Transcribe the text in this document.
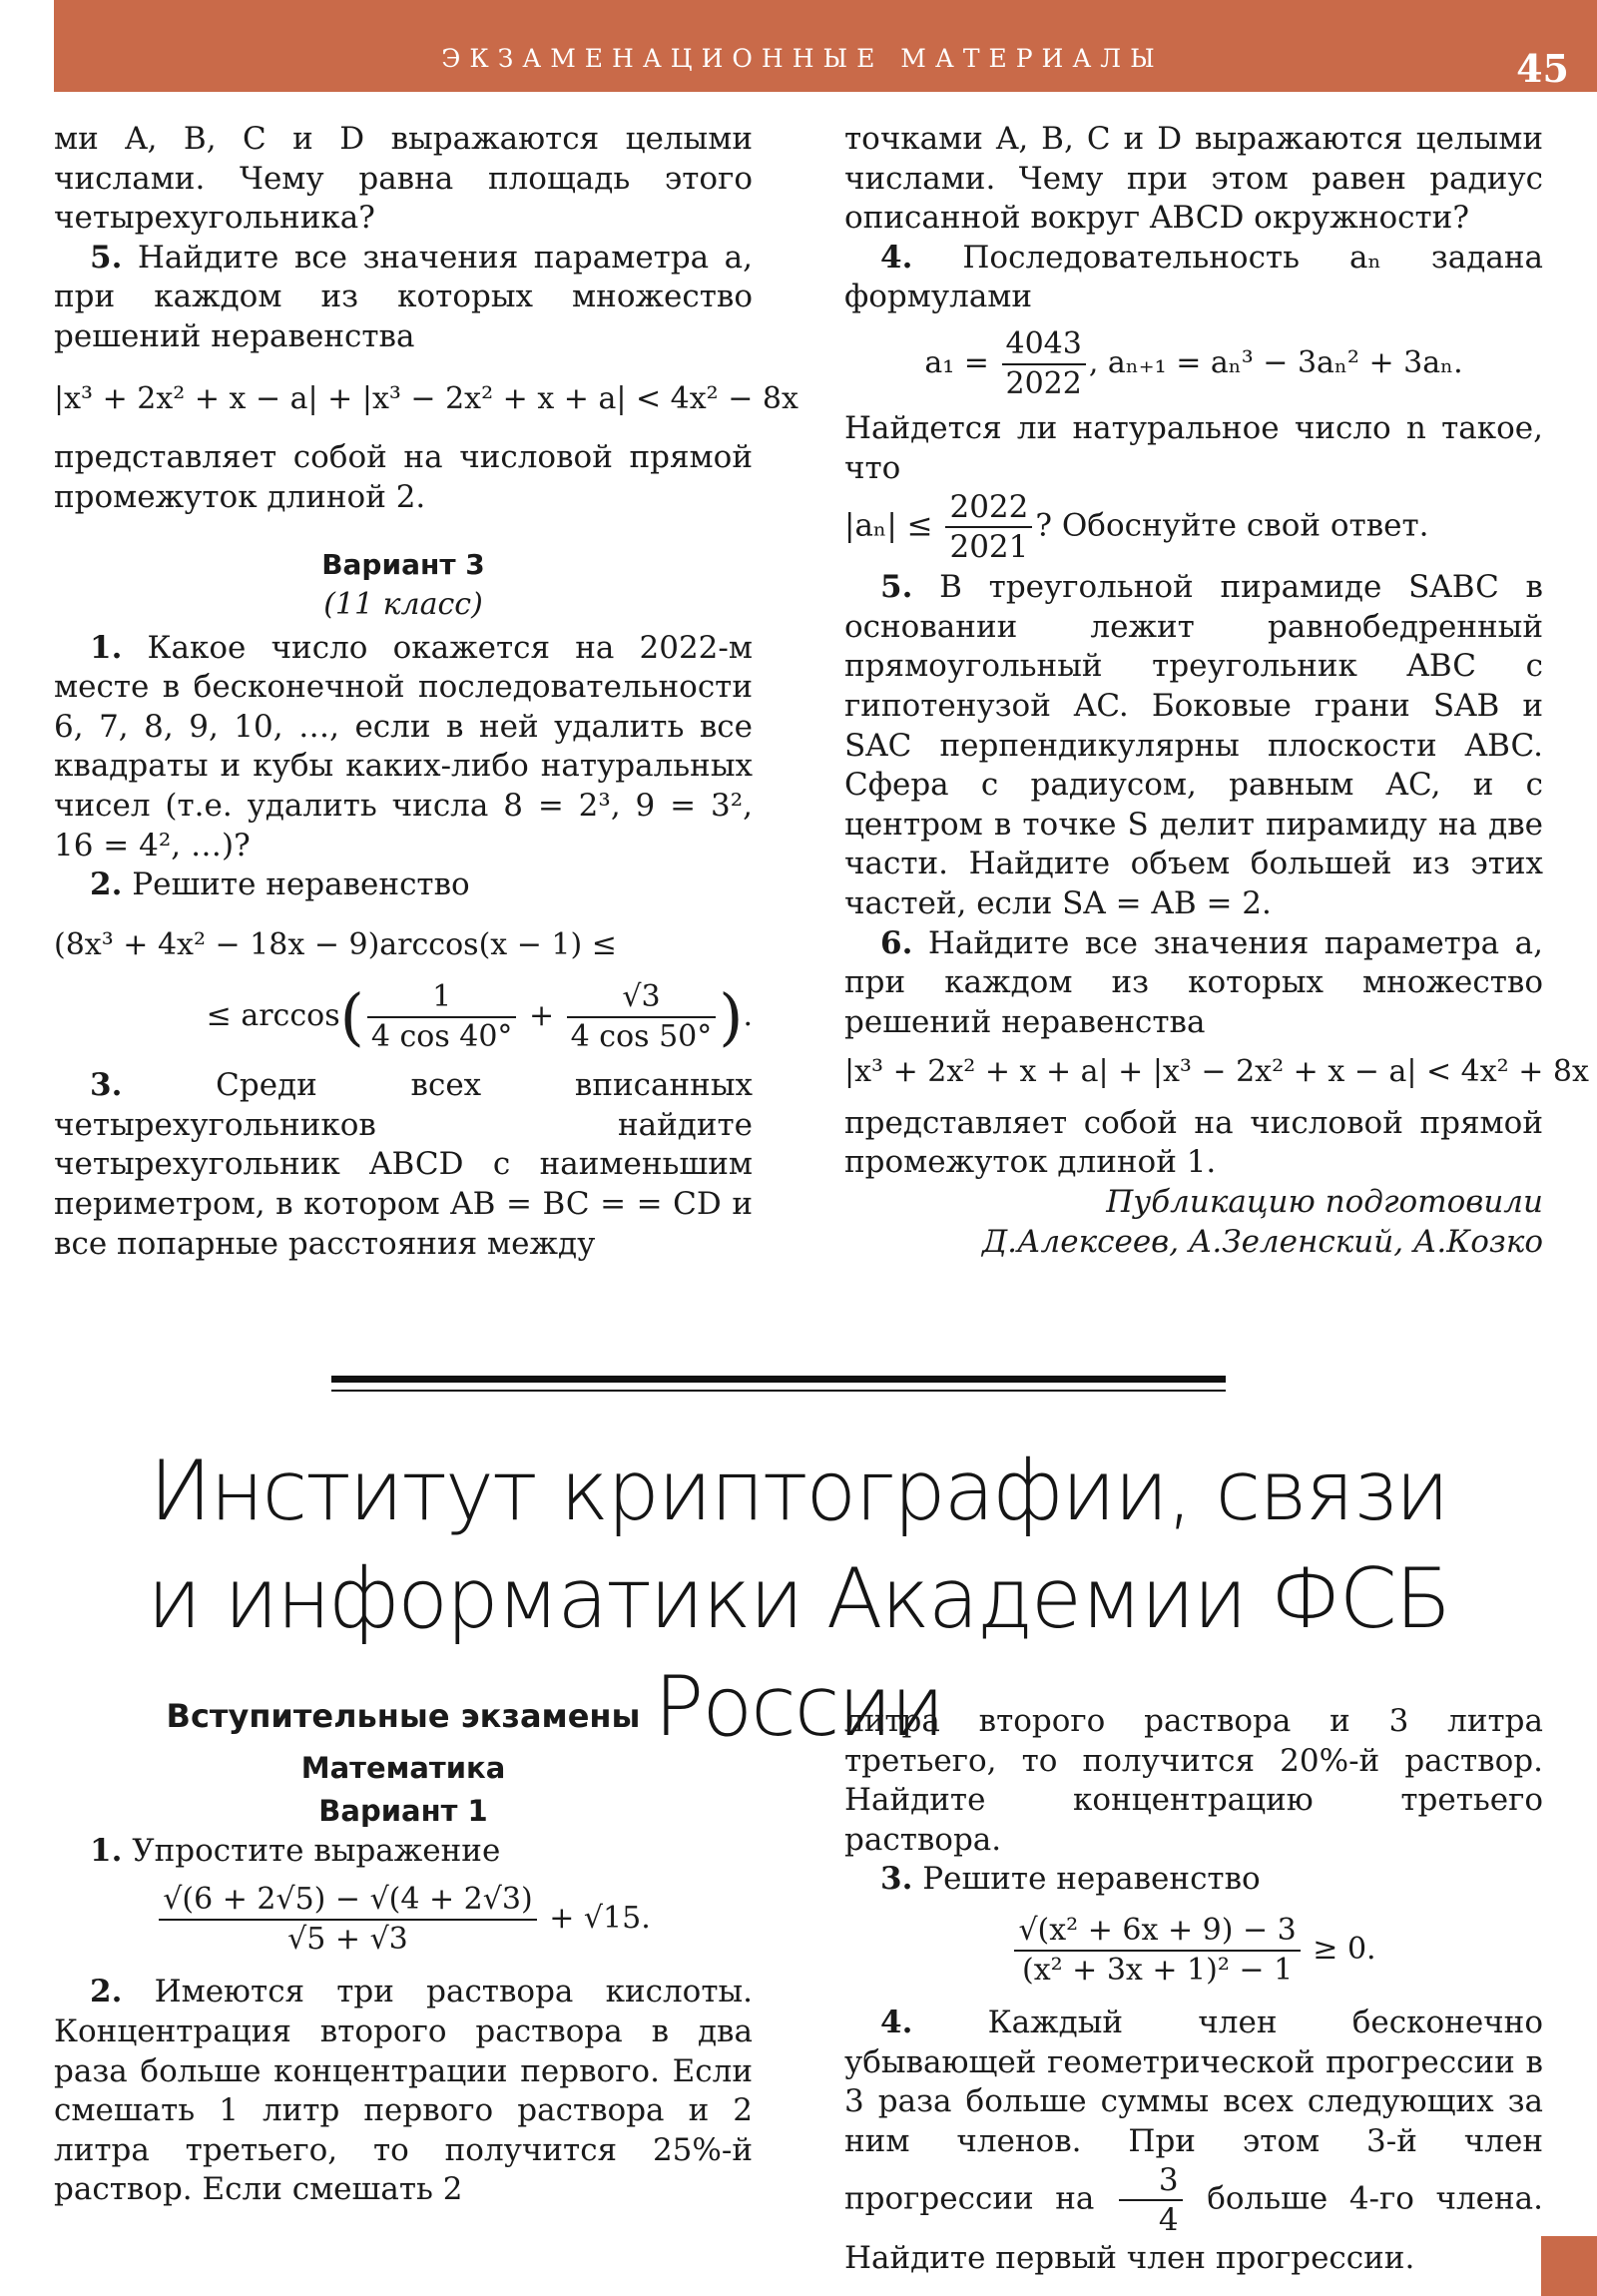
ЭКЗАМЕНАЦИОННЫЕ МАТЕРИАЛЫ	45

ми A, B, C и D выражаются целыми числами. Чему равна площадь этого четырехугольника?

5. Найдите все значения параметра a, при каждом из которых множество решений неравенства

|x³ + 2x² + x − a| + |x³ − 2x² + x + a| < 4x² − 8x

представляет собой на числовой прямой промежуток длиной 2.

Вариант 3

(11 класс)

1. Какое число окажется на 2022-м месте в бесконечной последовательности 6, 7, 8, 9, 10, …, если в ней удалить все квадраты и кубы каких-либо натуральных чисел (т.е. удалить числа 8 = 2³, 9 = 3², 16 = 4², …)?

2. Решите неравенство

(8x³ + 4x² − 18x − 9)arccos(x − 1) ≤

≤ $\arccos( \frac{1}{4 \cos 40^\circ} + \frac{√3}{4 \cos 50^\circ}$ ).

3.	Среди всех вписанных четырехугольников найдите четырехугольник ABCD с наименьшим периметром, в котором AB = BC = = CD и все попарные расстояния между

точками A, B, C и D выражаются целыми числами. Чему при этом равен радиус описанной вокруг ABCD окружности?

4. Последовательность aₙ задана формулами

$a_1 = \frac{4043}{2022}$ , aₙ₊₁ = aₙ³ − 3aₙ² + 3aₙ.

Найдется ли натуральное число n такое, что

$|a_n| \le \frac{2022}{2021}$ ? Обоснуйте свой ответ.

5. В треугольной пирамиде SABC в основании лежит равнобедренный прямоугольный треугольник ABC с гипотенузой AC. Боковые грани SAB и SAC перпендикулярны плоскости ABC. Сфера с радиусом, равным AC, и с центром в точке S делит пирамиду на две части. Найдите объем большей из этих частей, если SA = AB = 2.

6. Найдите все значения параметра a, при каждом из которых множество решений неравенства

|x³ + 2x² + x + a| + |x³ − 2x² + x − a| < 4x² + 8x

представляет собой на числовой прямой промежуток длиной 1.

Публикацию подготовили

Д.Алексеев, А.Зеленский, А.Козко

Институт криптографии, связи
и информатики Академии ФСБ России

Вступительные экзамены

Математика

Вариант 1

1. Упростите выражение

$\frac{√(6 + 2√5) - √(4 + 2√3)}{√5 + √3} + √15$.

2. Имеются три раствора кислоты. Концентрация второго раствора в два раза больше концентрации первого. Если смешать 1 литр первого раствора и 2 литра третьего, то получится 25%-й раствор. Если смешать 2

литра второго раствора и 3 литра третьего, то получится 20%-й раствор. Найдите концентрацию третьего раствора.

3. Решите неравенство

$\frac{\text{√(x² + 6x + 9) − 3}}{\text{(x² + 3x + 1)² − 1}} \ge 0$.

4. Каждый член бесконечно убывающей геометрической прогрессии в 3 раза больше суммы всех следующих за ним членов. При этом 3-й член прогрессии на $\frac{3}{4}$ больше 4-го члена. Найдите первый член прогрессии.
